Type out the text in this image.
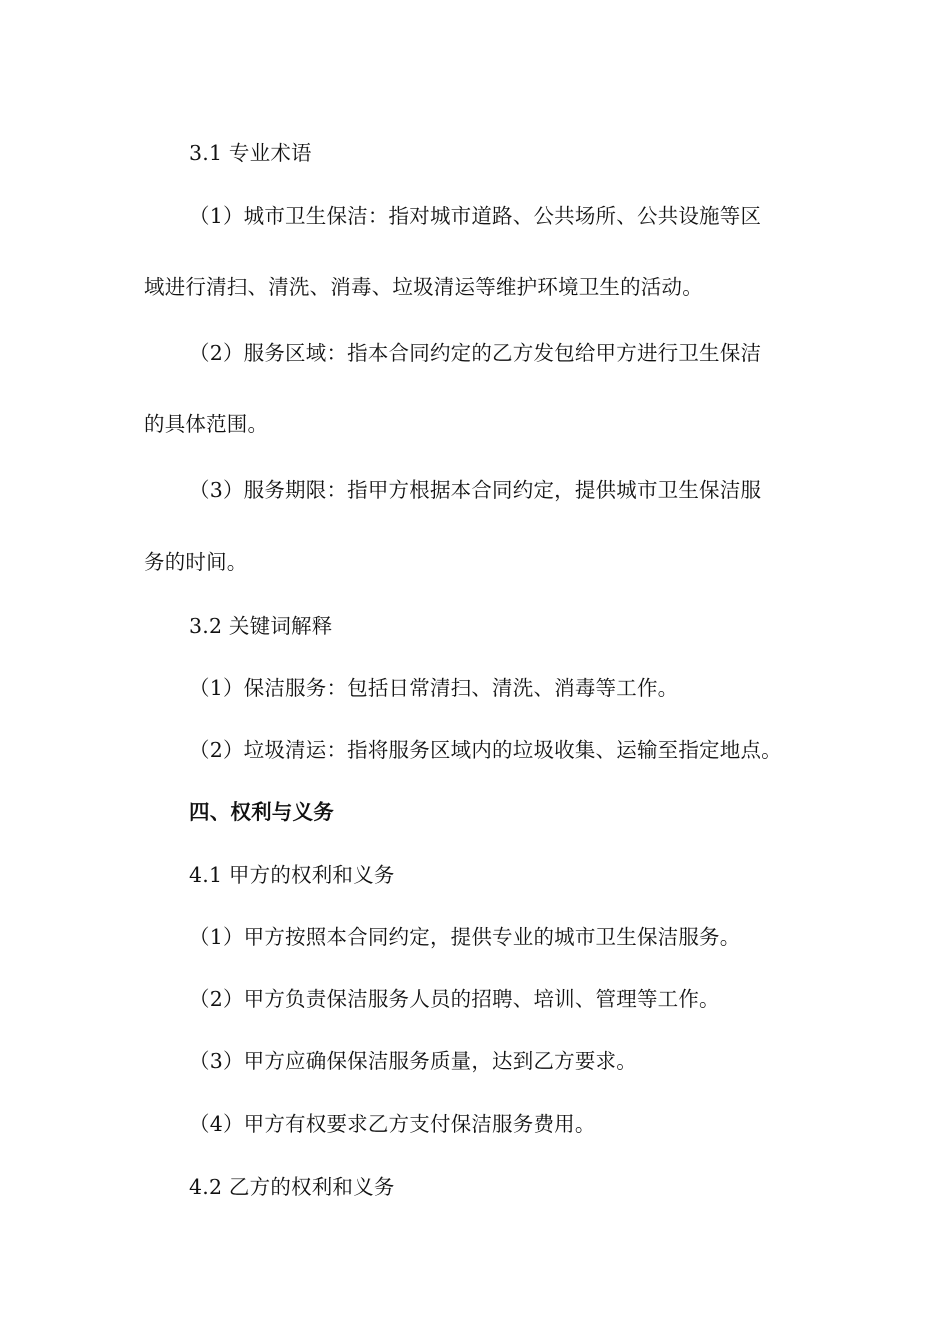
3.1 专业术语
（1）城市卫生保洁：指对城市道路、公共场所、公共设施等区
域进行清扫、清洗、消毒、垃圾清运等维护环境卫生的活动。
（2）服务区域：指本合同约定的乙方发包给甲方进行卫生保洁
的具体范围。
（3）服务期限：指甲方根据本合同约定，提供城市卫生保洁服
务的时间。
3.2 关键词解释
（1）保洁服务：包括日常清扫、清洗、消毒等工作。
（2）垃圾清运：指将服务区域内的垃圾收集、运输至指定地点。
四、权利与义务
4.1 甲方的权利和义务
（1）甲方按照本合同约定，提供专业的城市卫生保洁服务。
（2）甲方负责保洁服务人员的招聘、培训、管理等工作。
（3）甲方应确保保洁服务质量，达到乙方要求。
（4）甲方有权要求乙方支付保洁服务费用。
4.2 乙方的权利和义务
